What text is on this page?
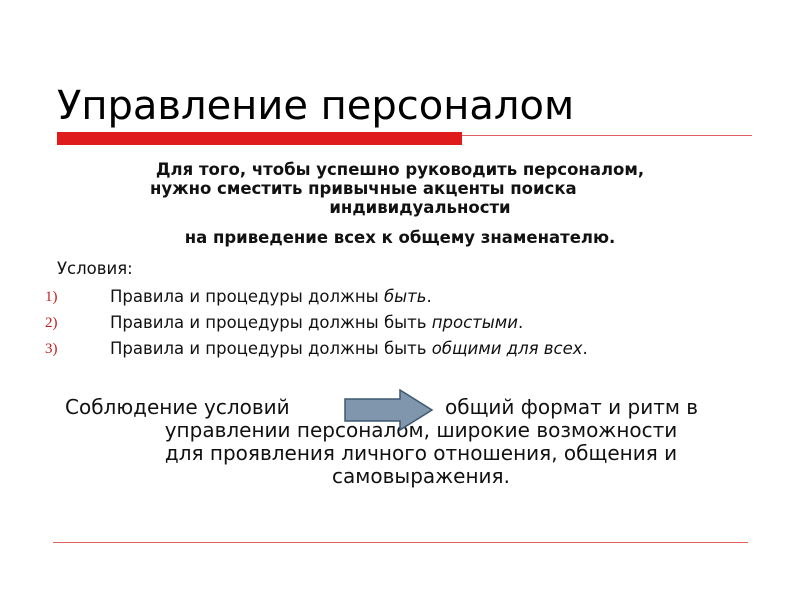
Управление персоналом
Для того, чтобы успешно руководить персоналом,
нужно сместить привычные акценты поиска
индивидуальности
на приведение всех к общему знаменателю.
Условия:
1)	Правила и процедуры должны быть.
2)	Правила и процедуры должны быть простыми.
3)	Правила и процедуры должны быть общими для всех.
Соблюдение условий	общий формат и ритм в
управлении персоналом, широкие возможности
для проявления личного отношения, общения и
самовыражения.
